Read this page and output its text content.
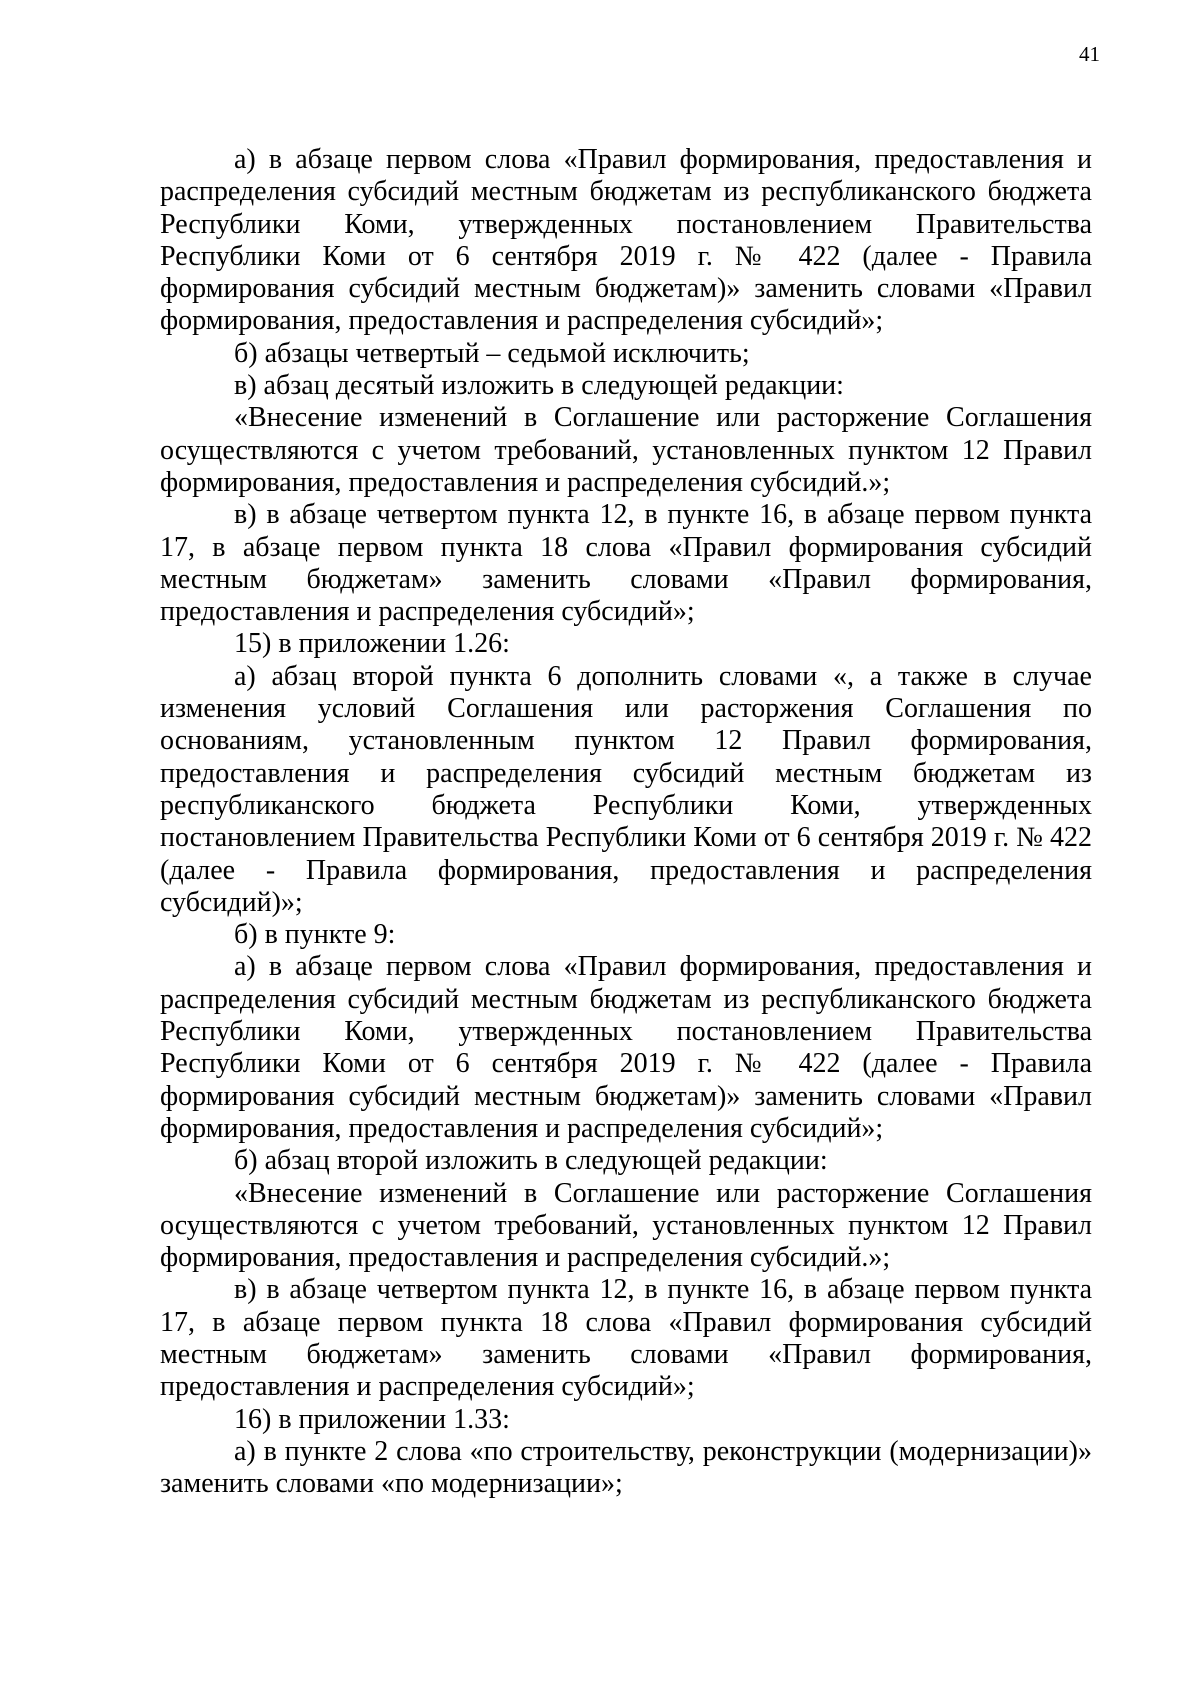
41

а) в абзаце первом слова «Правил формирования, предоставления и распределения субсидий местным бюджетам из республиканского бюджета Республики Коми, утвержденных постановлением Правительства Республики Коми от 6 сентября 2019 г. № 422 (далее - Правила формирования субсидий местным бюджетам)» заменить словами «Правил формирования, предоставления и распределения субсидий»;

б) абзацы четвертый – седьмой исключить;

в) абзац десятый изложить в следующей редакции:

«Внесение изменений в Соглашение или расторжение Соглашения осуществляются с учетом требований, установленных пунктом 12 Правил формирования, предоставления и распределения субсидий.»;

в) в абзаце четвертом пункта 12, в пункте 16, в абзаце первом пункта 17, в абзаце первом пункта 18 слова «Правил формирования субсидий местным бюджетам» заменить словами «Правил формирования, предоставления и распределения субсидий»;

15) в приложении 1.26:

а) абзац второй пункта 6 дополнить словами «, а также в случае изменения условий Соглашения или расторжения Соглашения по основаниям, установленным пунктом 12 Правил формирования, предоставления и распределения субсидий местным бюджетам из республиканского бюджета Республики Коми, утвержденных постановлением Правительства Республики Коми от 6 сентября 2019 г. № 422 (далее - Правила формирования, предоставления и распределения субсидий)»;

б) в пункте 9:

а) в абзаце первом слова «Правил формирования, предоставления и распределения субсидий местным бюджетам из республиканского бюджета Республики Коми, утвержденных постановлением Правительства Республики Коми от 6 сентября 2019 г. № 422 (далее - Правила формирования субсидий местным бюджетам)» заменить словами «Правил формирования, предоставления и распределения субсидий»;

б) абзац второй изложить в следующей редакции:

«Внесение изменений в Соглашение или расторжение Соглашения осуществляются с учетом требований, установленных пунктом 12 Правил формирования, предоставления и распределения субсидий.»;

в) в абзаце четвертом пункта 12, в пункте 16, в абзаце первом пункта 17, в абзаце первом пункта 18 слова «Правил формирования субсидий местным бюджетам» заменить словами «Правил формирования, предоставления и распределения субсидий»;

16) в приложении 1.33:

а) в пункте 2 слова «по строительству, реконструкции (модернизации)» заменить словами «по модернизации»;
